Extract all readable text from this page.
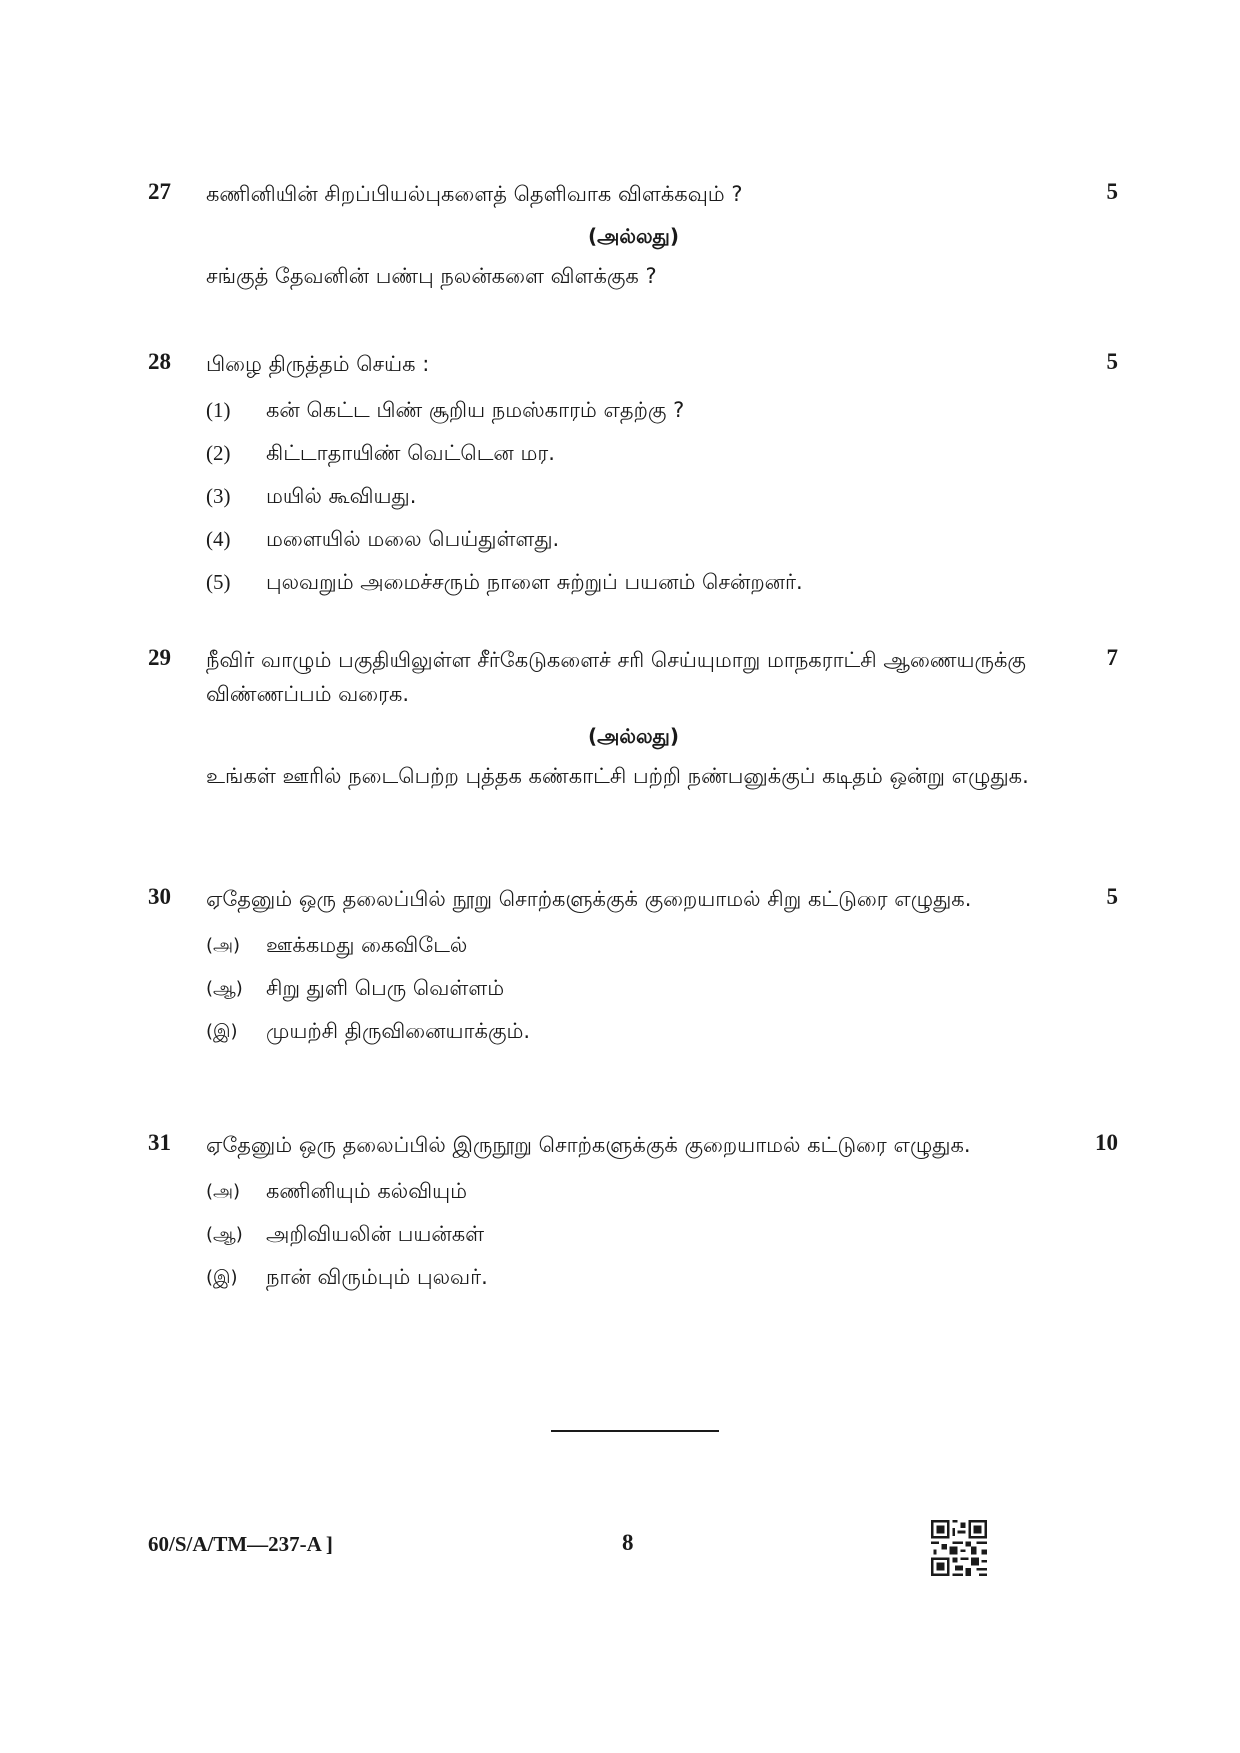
27	5
கணினியின் சிறப்பியல்புகளைத் தெளிவாக விளக்கவும் ?
(அல்லது)
சங்குத் தேவனின் பண்பு நலன்களை விளக்குக ?
28	5
பிழை திருத்தம் செய்க :
(1)	கன் கெட்ட பிண் சூறிய நமஸ்காரம் எதற்கு ?
(2)	கிட்டாதாயிண் வெட்டென மர.
(3)	மயில் கூவியது.
(4)	மளையில் மலை பெய்துள்ளது.
(5)	புலவறும் அமைச்சரும் நாளை சுற்றுப் பயனம் சென்றனர்.
29	7
நீவிர் வாழும் பகுதியிலுள்ள சீர்கேடுகளைச் சரி செய்யுமாறு மாநகராட்சி ஆணையருக்கு விண்ணப்பம் வரைக.
(அல்லது)
உங்கள் ஊரில் நடைபெற்ற புத்தக கண்காட்சி பற்றி நண்பனுக்குப் கடிதம் ஒன்று எழுதுக.
30	5
ஏதேனும் ஒரு தலைப்பில் நூறு சொற்களுக்குக் குறையாமல் சிறு கட்டுரை எழுதுக.
(அ)	ஊக்கமது கைவிடேல்
(ஆ)	சிறு துளி பெரு வெள்ளம்
(இ)	முயற்சி திருவினையாக்கும்.
31	10
ஏதேனும் ஒரு தலைப்பில் இருநூறு சொற்களுக்குக் குறையாமல் கட்டுரை எழுதுக.
(அ)	கணினியும் கல்வியும்
(ஆ)	அறிவியலின் பயன்கள்
(இ)	நான் விரும்பும் புலவர்.
60/S/A/TM—237-A ]	8
